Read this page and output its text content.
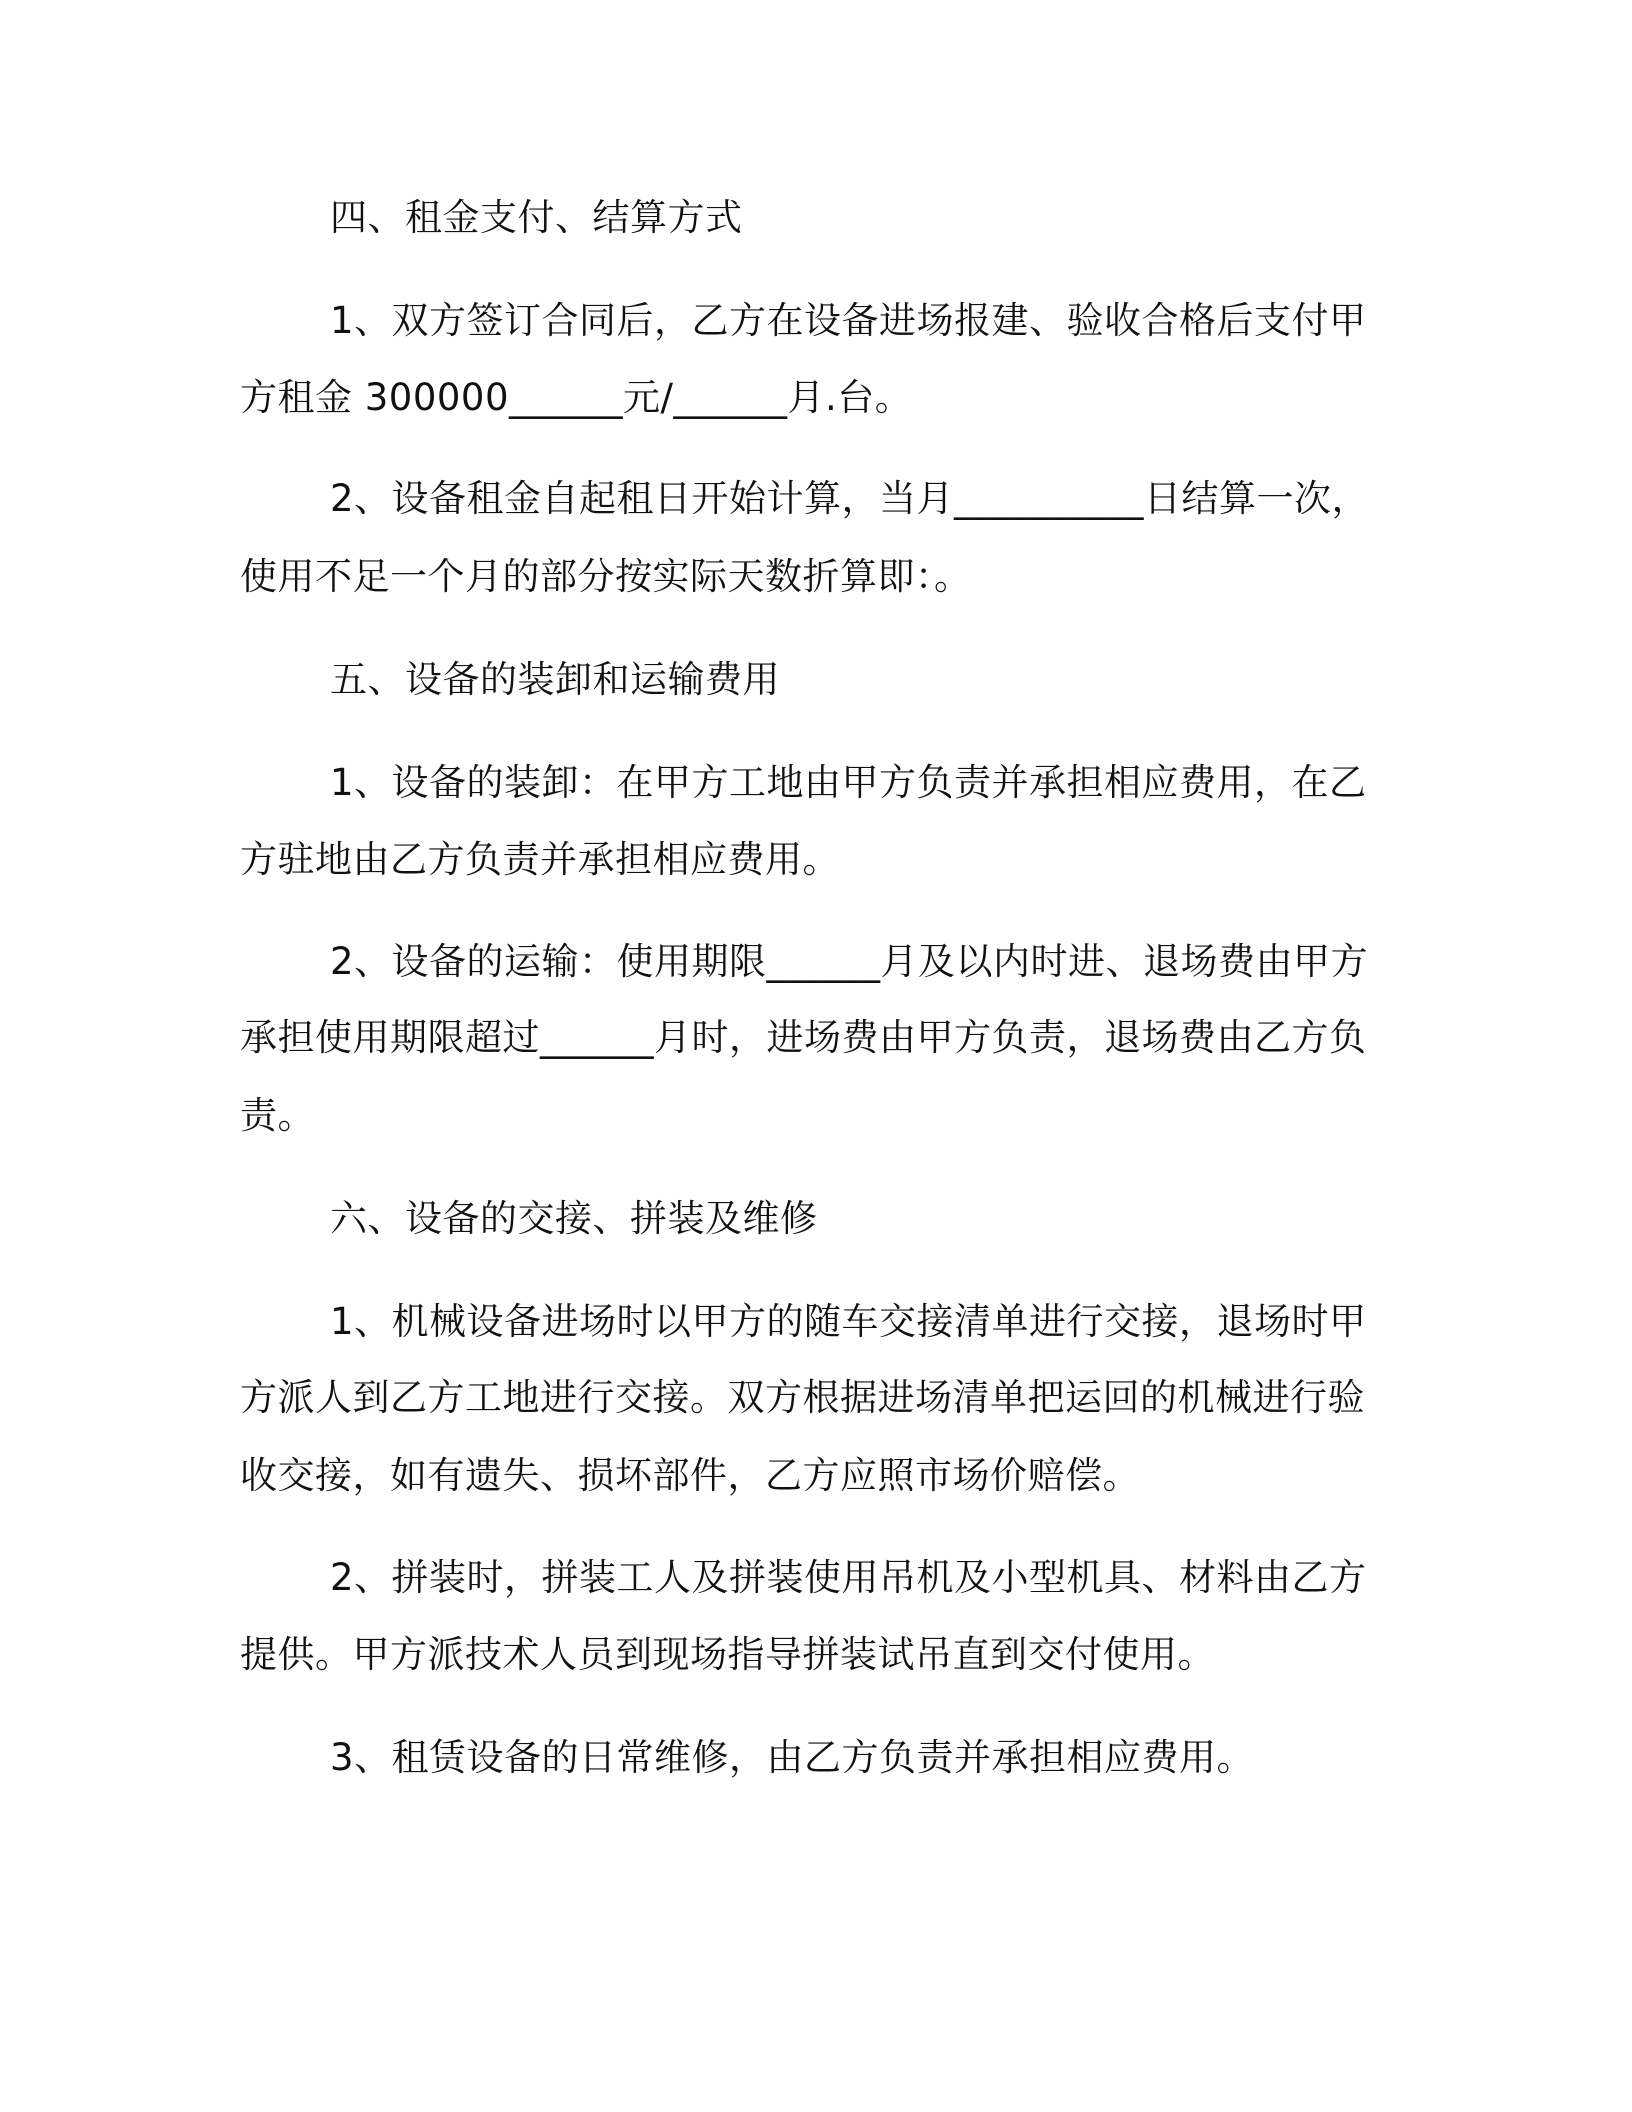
四、租金支付、结算方式
1、双方签订合同后，乙方在设备进场报建、验收合格后支付甲
方租金 300000______元/______月.台。
2、设备租金自起租日开始计算，当月__________日结算一次，
使用不足一个月的部分按实际天数折算即：。
五、设备的装卸和运输费用
1、设备的装卸：在甲方工地由甲方负责并承担相应费用，在乙
方驻地由乙方负责并承担相应费用。
2、设备的运输：使用期限______月及以内时进、退场费由甲方
承担使用期限超过______月时，进场费由甲方负责，退场费由乙方负
责。
六、设备的交接、拼装及维修
1、机械设备进场时以甲方的随车交接清单进行交接，退场时甲
方派人到乙方工地进行交接。双方根据进场清单把运回的机械进行验
收交接，如有遗失、损坏部件，乙方应照市场价赔偿。
2、拼装时，拼装工人及拼装使用吊机及小型机具、材料由乙方
提供。甲方派技术人员到现场指导拼装试吊直到交付使用。
3、租赁设备的日常维修，由乙方负责并承担相应费用。
